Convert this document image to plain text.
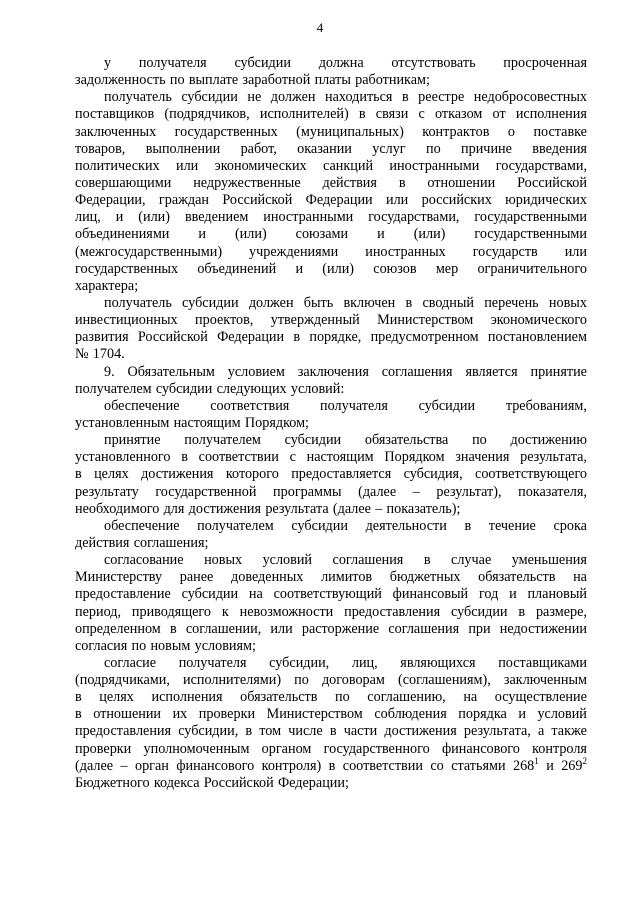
4
у получателя субсидии должна отсутствовать просроченная
задолженность по выплате заработной платы работникам;
получатель субсидии не должен находиться в реестре недобросовестных
поставщиков (подрядчиков, исполнителей) в связи с отказом от исполнения
заключенных государственных (муниципальных) контрактов о поставке
товаров, выполнении работ, оказании услуг по причине введения
политических или экономических санкций иностранными государствами,
совершающими недружественные действия в отношении Российской
Федерации, граждан Российской Федерации или российских юридических
лиц, и (или) введением иностранными государствами, государственными
объединениями и (или) союзами и (или) государственными
(межгосударственными) учреждениями иностранных государств или
государственных объединений и (или) союзов мер ограничительного
характера;
получатель субсидии должен быть включен в сводный перечень новых
инвестиционных проектов, утвержденный Министерством экономического
развития Российской Федерации в порядке, предусмотренном постановлением
№ 1704.
9. Обязательным условием заключения соглашения является принятие
получателем субсидии следующих условий:
обеспечение соответствия получателя субсидии требованиям,
установленным настоящим Порядком;
принятие получателем субсидии обязательства по достижению
установленного в соответствии с настоящим Порядком значения результата,
в целях достижения которого предоставляется субсидия, соответствующего
результату государственной программы (далее – результат), показателя,
необходимого для достижения результата (далее – показатель);
обеспечение получателем субсидии деятельности в течение срока
действия соглашения;
согласование новых условий соглашения в случае уменьшения
Министерству ранее доведенных лимитов бюджетных обязательств на
предоставление субсидии на соответствующий финансовый год и плановый
период, приводящего к невозможности предоставления субсидии в размере,
определенном в соглашении, или расторжение соглашения при недостижении
согласия по новым условиям;
согласие получателя субсидии, лиц, являющихся поставщиками
(подрядчиками, исполнителями) по договорам (соглашениям), заключенным
в целях исполнения обязательств по соглашению, на осуществление
в отношении их проверки Министерством соблюдения порядка и условий
предоставления субсидии, в том числе в части достижения результата, а также
проверки уполномоченным органом государственного финансового контроля
(далее – орган финансового контроля) в соответствии со статьями $268^1$ и $269^2$
Бюджетного кодекса Российской Федерации;
